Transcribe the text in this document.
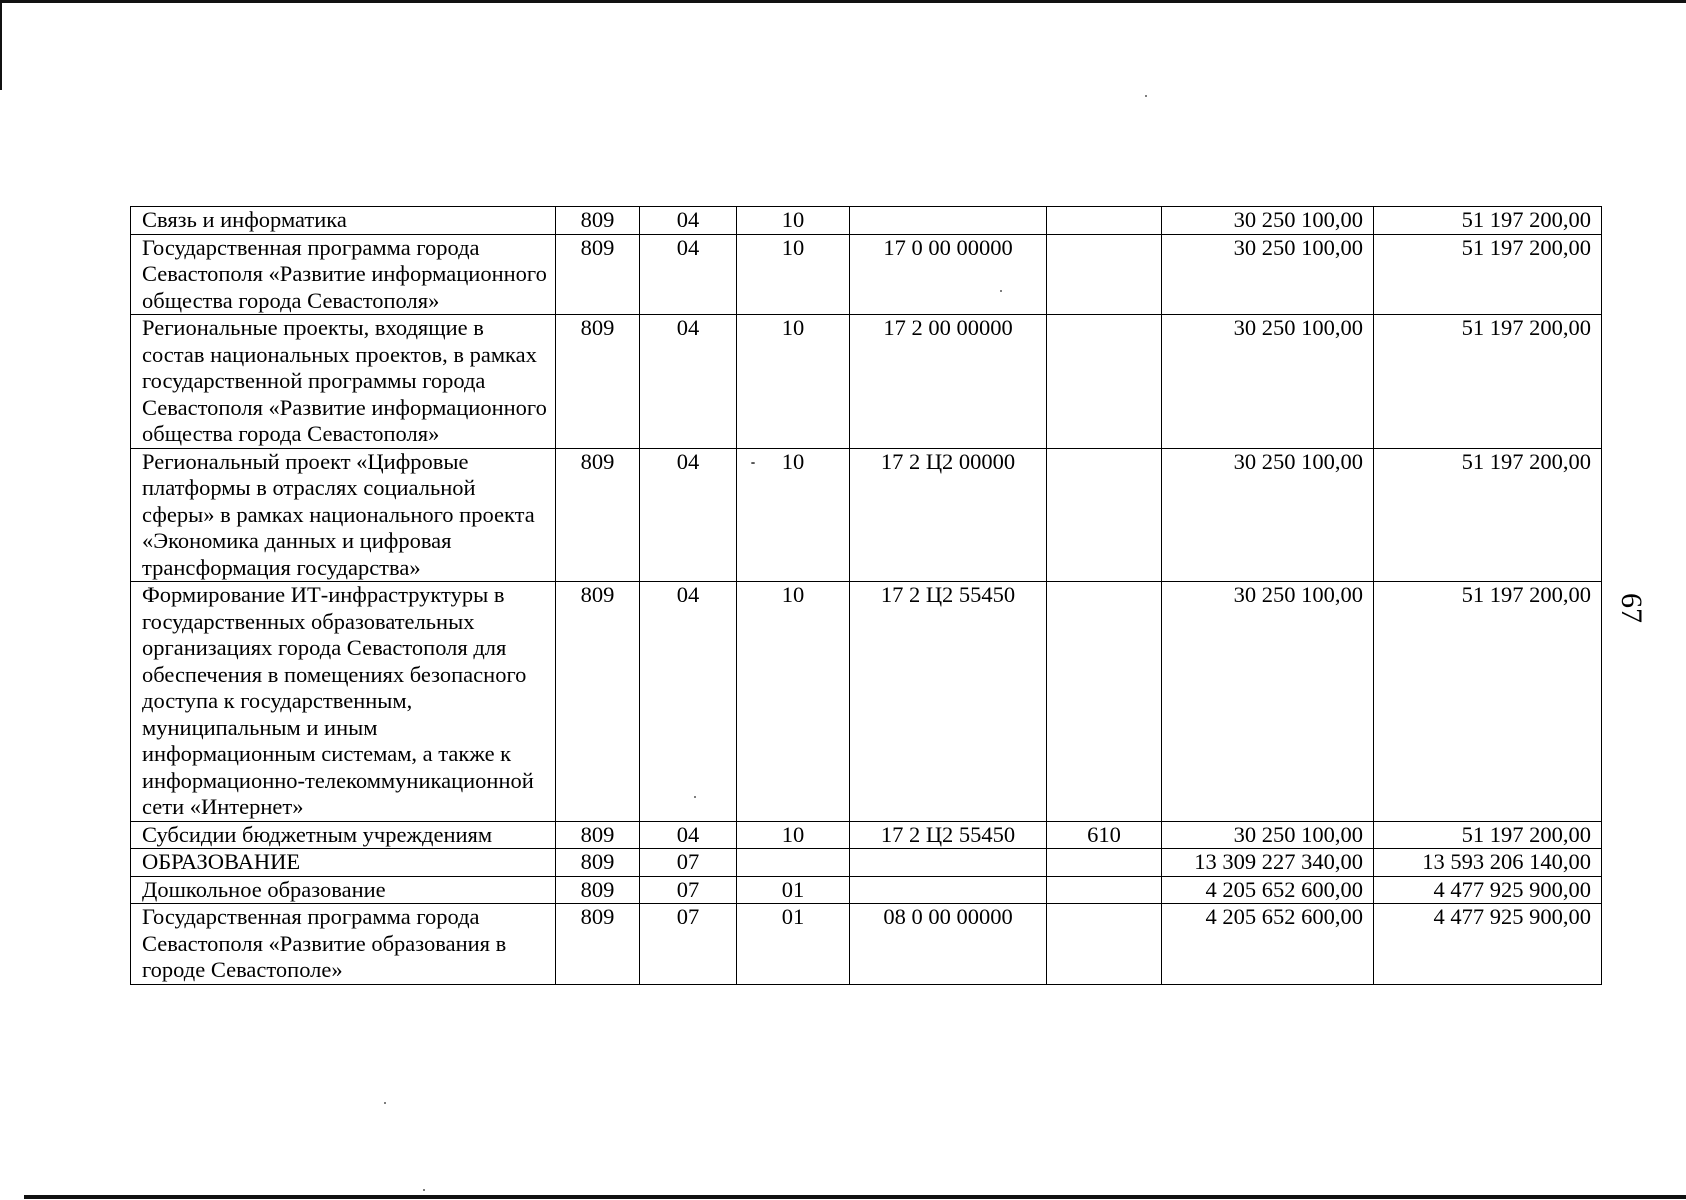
Связь и информатика	809	04	10			30 250 100,00	51 197 200,00
Государственная программа города Севастополя «Развитие информационного общества города Севастополя»	809	04	10	17 0 00 00000		30 250 100,00	51 197 200,00
Региональные проекты, входящие в состав национальных проектов, в рамках государственной программы города Севастополя «Развитие информационного общества города Севастополя»	809	04	10	17 2 00 00000		30 250 100,00	51 197 200,00
Региональный проект «Цифровые платформы в отраслях социальной сферы» в рамках национального проекта «Экономика данных и цифровая трансформация государства»	809	04	10	17 2 Ц2 00000		30 250 100,00	51 197 200,00
Формирование ИТ-инфраструктуры в государственных образовательных организациях города Севастополя для обеспечения в помещениях безопасного доступа к государственным, муниципальным и иным информационным системам, а также к информационно-телекоммуникационной сети «Интернет»	809	04	10	17 2 Ц2 55450		30 250 100,00	51 197 200,00
Субсидии бюджетным учреждениям	809	04	10	17 2 Ц2 55450	610	30 250 100,00	51 197 200,00
ОБРАЗОВАНИЕ	809	07				13 309 227 340,00	13 593 206 140,00
Дошкольное образование	809	07	01			4 205 652 600,00	4 477 925 900,00
Государственная программа города Севастополя «Развитие образования в городе Севастополе»	809	07	01	08 0 00 00000		4 205 652 600,00	4 477 925 900,00
67
